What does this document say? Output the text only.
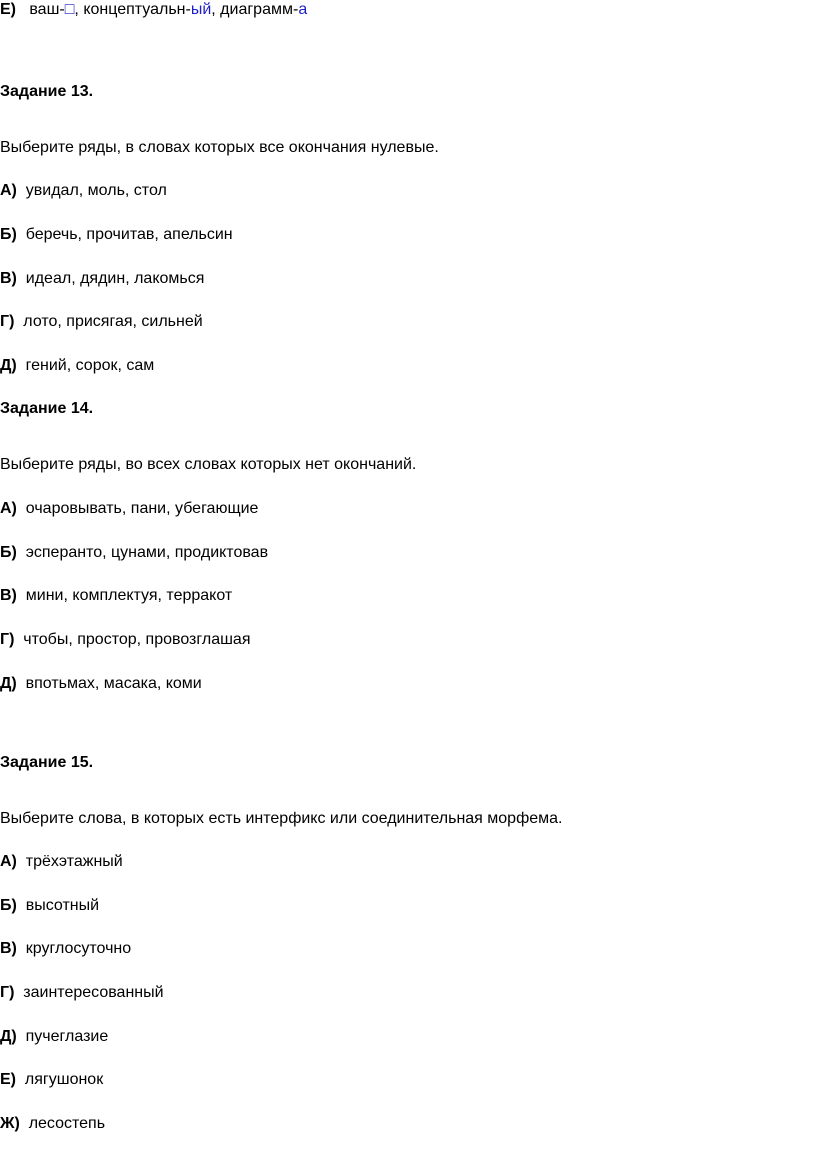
Е) ваш-□, концептуальн-ый, диаграмм-а
Задание 13.
Выберите ряды, в словах которых все окончания нулевые.
А) увидал, моль, стол
Б) беречь, прочитав, апельсин
В) идеал, дядин, лакомься
Г) лото, присягая, сильней
Д) гений, сорок, сам
Задание 14.
Выберите ряды, во всех словах которых нет окончаний.
А) очаровывать, пани, убегающие
Б) эсперанто, цунами, продиктовав
В) мини, комплектуя, терракот
Г) чтобы, простор, провозглашая
Д) впотьмах, масака, коми
Задание 15.
Выберите слова, в которых есть интерфикс или соединительная морфема.
А) трёхэтажный
Б) высотный
В) круглосуточно
Г) заинтересованный
Д) пучеглазие
Е) лягушонок
Ж) лесостепь
